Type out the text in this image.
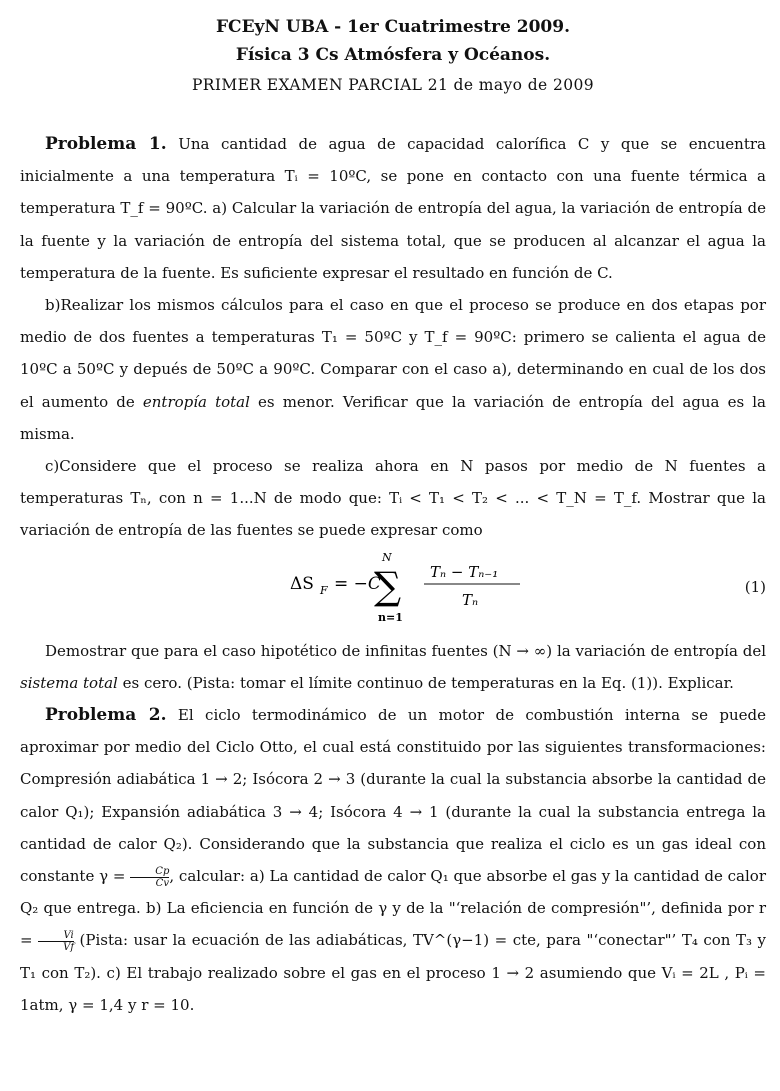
FCEyN UBA - 1er Cuatrimestre 2009.
Física 3 Cs Atmósfera y Océanos.
PRIMER EXAMEN PARCIAL 21 de mayo de 2009

Problema 1. Una cantidad de agua de capacidad calorífica C y que se encuentra inicialmente a una temperatura Tᵢ = 10ºC, se pone en contacto con una fuente térmica a temperatura T_f = 90ºC. a) Calcular la variación de entropía del agua, la variación de entropía de la fuente y la variación de entropía del sistema total, que se producen al alcanzar el agua la temperatura de la fuente. Es suficiente expresar el resultado en función de C.

b)Realizar los mismos cálculos para el caso en que el proceso se produce en dos etapas por medio de dos fuentes a temperaturas T₁ = 50ºC y T_f = 90ºC: primero se calienta el agua de 10ºC a 50ºC y depués de 50ºC a 90ºC. Comparar con el caso a), determinando en cual de los dos el aumento de entropía total es menor. Verificar que la variación de entropía del agua es la misma.

c)Considere que el proceso se realiza ahora en N pasos por medio de N fuentes a temperaturas Tₙ, con n = 1...N de modo que: Tᵢ < T₁ < T₂ < ... < T_N = T_f. Mostrar que la variación de entropía de las fuentes se puede expresar como

ΔS F = −C
N
∑
n=1
Tₙ − Tₙ₋₁
Tₙ
(1)

Demostrar que para el caso hipotético de infinitas fuentes (N → ∞) la variación de entropía del sistema total es cero. (Pista: tomar el límite continuo de temperaturas en la Eq. (1)). Explicar.

Problema 2. El ciclo termodinámico de un motor de combustión interna se puede aproximar por medio del Ciclo Otto, el cual está constituido por las siguientes transformaciones: Compresión adiabática 1 → 2; Isócora 2 → 3 (durante la cual la substancia absorbe la cantidad de calor Q₁); Expansión adiabática 3 → 4; Isócora 4 → 1 (durante la cual la substancia entrega la cantidad de calor Q₂). Considerando que la substancia que realiza el ciclo es un gas ideal con constante $\gamma = \frac{Cp}{Cv}$ , calcular: a) La cantidad de calor Q₁ que absorbe el gas y la cantidad de calor Q₂ que entrega. b) La eficiencia en función de γ y de la "‘relación de compresión"’, definida por $r = \frac{Vi}{Vf}$ (Pista: usar la ecuación de las adiabáticas, TV^(γ−1) = cte, para "‘conectar"’ T₄ con T₃ y T₁ con T₂). c) El trabajo realizado sobre el gas en el proceso 1 → 2 asumiendo que Vᵢ = 2L , Pᵢ = 1atm, γ = 1,4 y r = 10.
